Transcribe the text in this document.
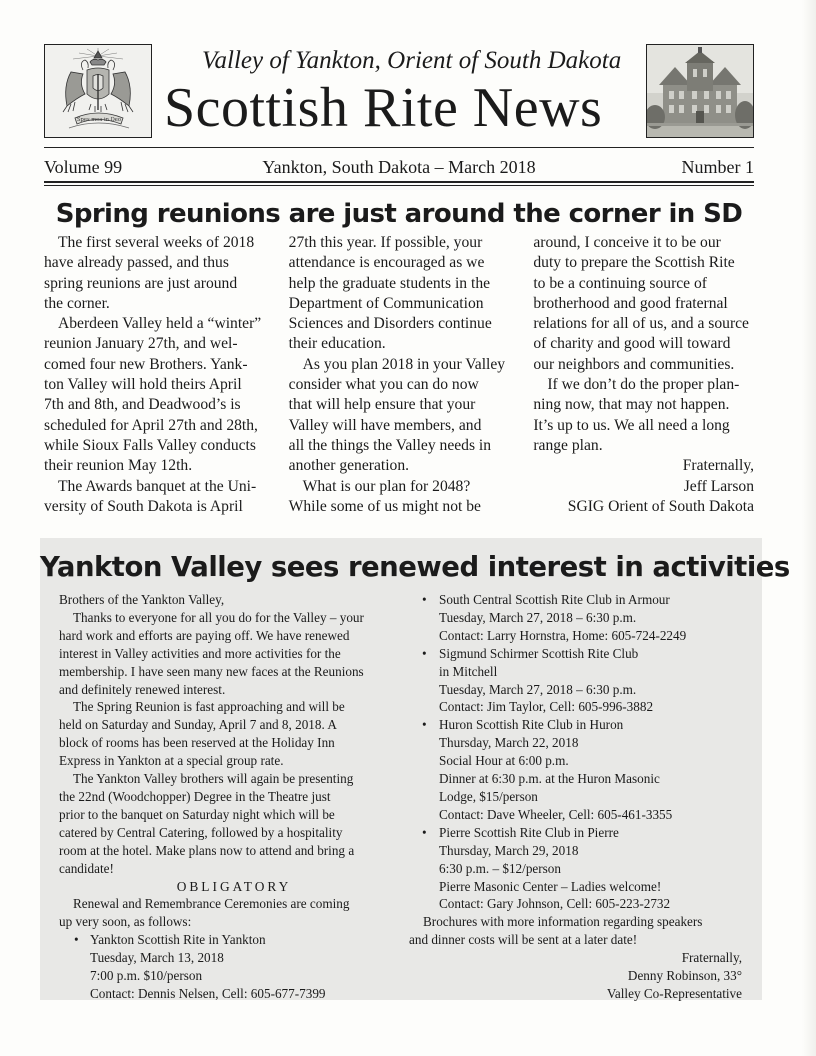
Spes mea in Deo
Valley of Yankton, Orient of South Dakota
Scottish Rite News
Volume 99	Yankton, South Dakota – March 2018	Number 1
Spring reunions are just around the corner in SD

The first several weeks of 2018
have already passed, and thus
spring reunions are just around
the corner.

Aberdeen Valley held a “winter”
reunion January 27th, and wel-
comed four new Brothers. Yank-
ton Valley will hold theirs April
7th and 8th, and Deadwood’s is
scheduled for April 27th and 28th,
while Sioux Falls Valley conducts
their reunion May 12th.

The Awards banquet at the Uni-
versity of South Dakota is April

27th this year. If possible, your
attendance is encouraged as we
help the graduate students in the
Department of Communication
Sciences and Disorders continue
their education.

As you plan 2018 in your Valley
consider what you can do now
that will help ensure that your
Valley will have members, and
all the things the Valley needs in
another generation.

What is our plan for 2048?
While some of us might not be

around, I conceive it to be our
duty to prepare the Scottish Rite
to be a continuing source of
brotherhood and good fraternal
relations for all of us, and a source
of charity and good will toward
our neighbors and communities.

If we don’t do the proper plan-
ning now, that may not happen.
It’s up to us. We all need a long
range plan.

Fraternally,
Jeff Larson
SGIG Orient of South Dakota
Yankton Valley sees renewed interest in activities

Brothers of the Yankton Valley,

Thanks to everyone for all you do for the Valley – your
hard work and efforts are paying off. We have renewed
interest in Valley activities and more activities for the
membership. I have seen many new faces at the Reunions
and definitely renewed interest.

The Spring Reunion is fast approaching and will be
held on Saturday and Sunday, April 7 and 8, 2018. A
block of rooms has been reserved at the Holiday Inn
Express in Yankton at a special group rate.

The Yankton Valley brothers will again be presenting
the 22nd (Woodchopper) Degree in the Theatre just
prior to the banquet on Saturday night which will be
catered by Central Catering, followed by a hospitality
room at the hotel. Make plans now to attend and bring a
candidate!

OBLIGATORY

Renewal and Remembrance Ceremonies are coming
up very soon, as follows:

• Yankton Scottish Rite in Yankton
Tuesday, March 13, 2018
7:00 p.m. $10/person
Contact: Dennis Nelsen, Cell: 605-677-7399
• South Central Scottish Rite Club in Armour
Tuesday, March 27, 2018 – 6:30 p.m.
Contact: Larry Hornstra, Home: 605-724-2249
• Sigmund Schirmer Scottish Rite Club
in Mitchell
Tuesday, March 27, 2018 – 6:30 p.m.
Contact: Jim Taylor, Cell: 605-996-3882
• Huron Scottish Rite Club in Huron
Thursday, March 22, 2018
Social Hour at 6:00 p.m.
Dinner at 6:30 p.m. at the Huron Masonic
Lodge, $15/person
Contact: Dave Wheeler, Cell: 605-461-3355
• Pierre Scottish Rite Club in Pierre
Thursday, March 29, 2018
6:30 p.m. – $12/person
Pierre Masonic Center – Ladies welcome!
Contact: Gary Johnson, Cell: 605-223-2732

Brochures with more information regarding speakers
and dinner costs will be sent at a later date!

Fraternally,
Denny Robinson, 33°
Valley Co-Representative
